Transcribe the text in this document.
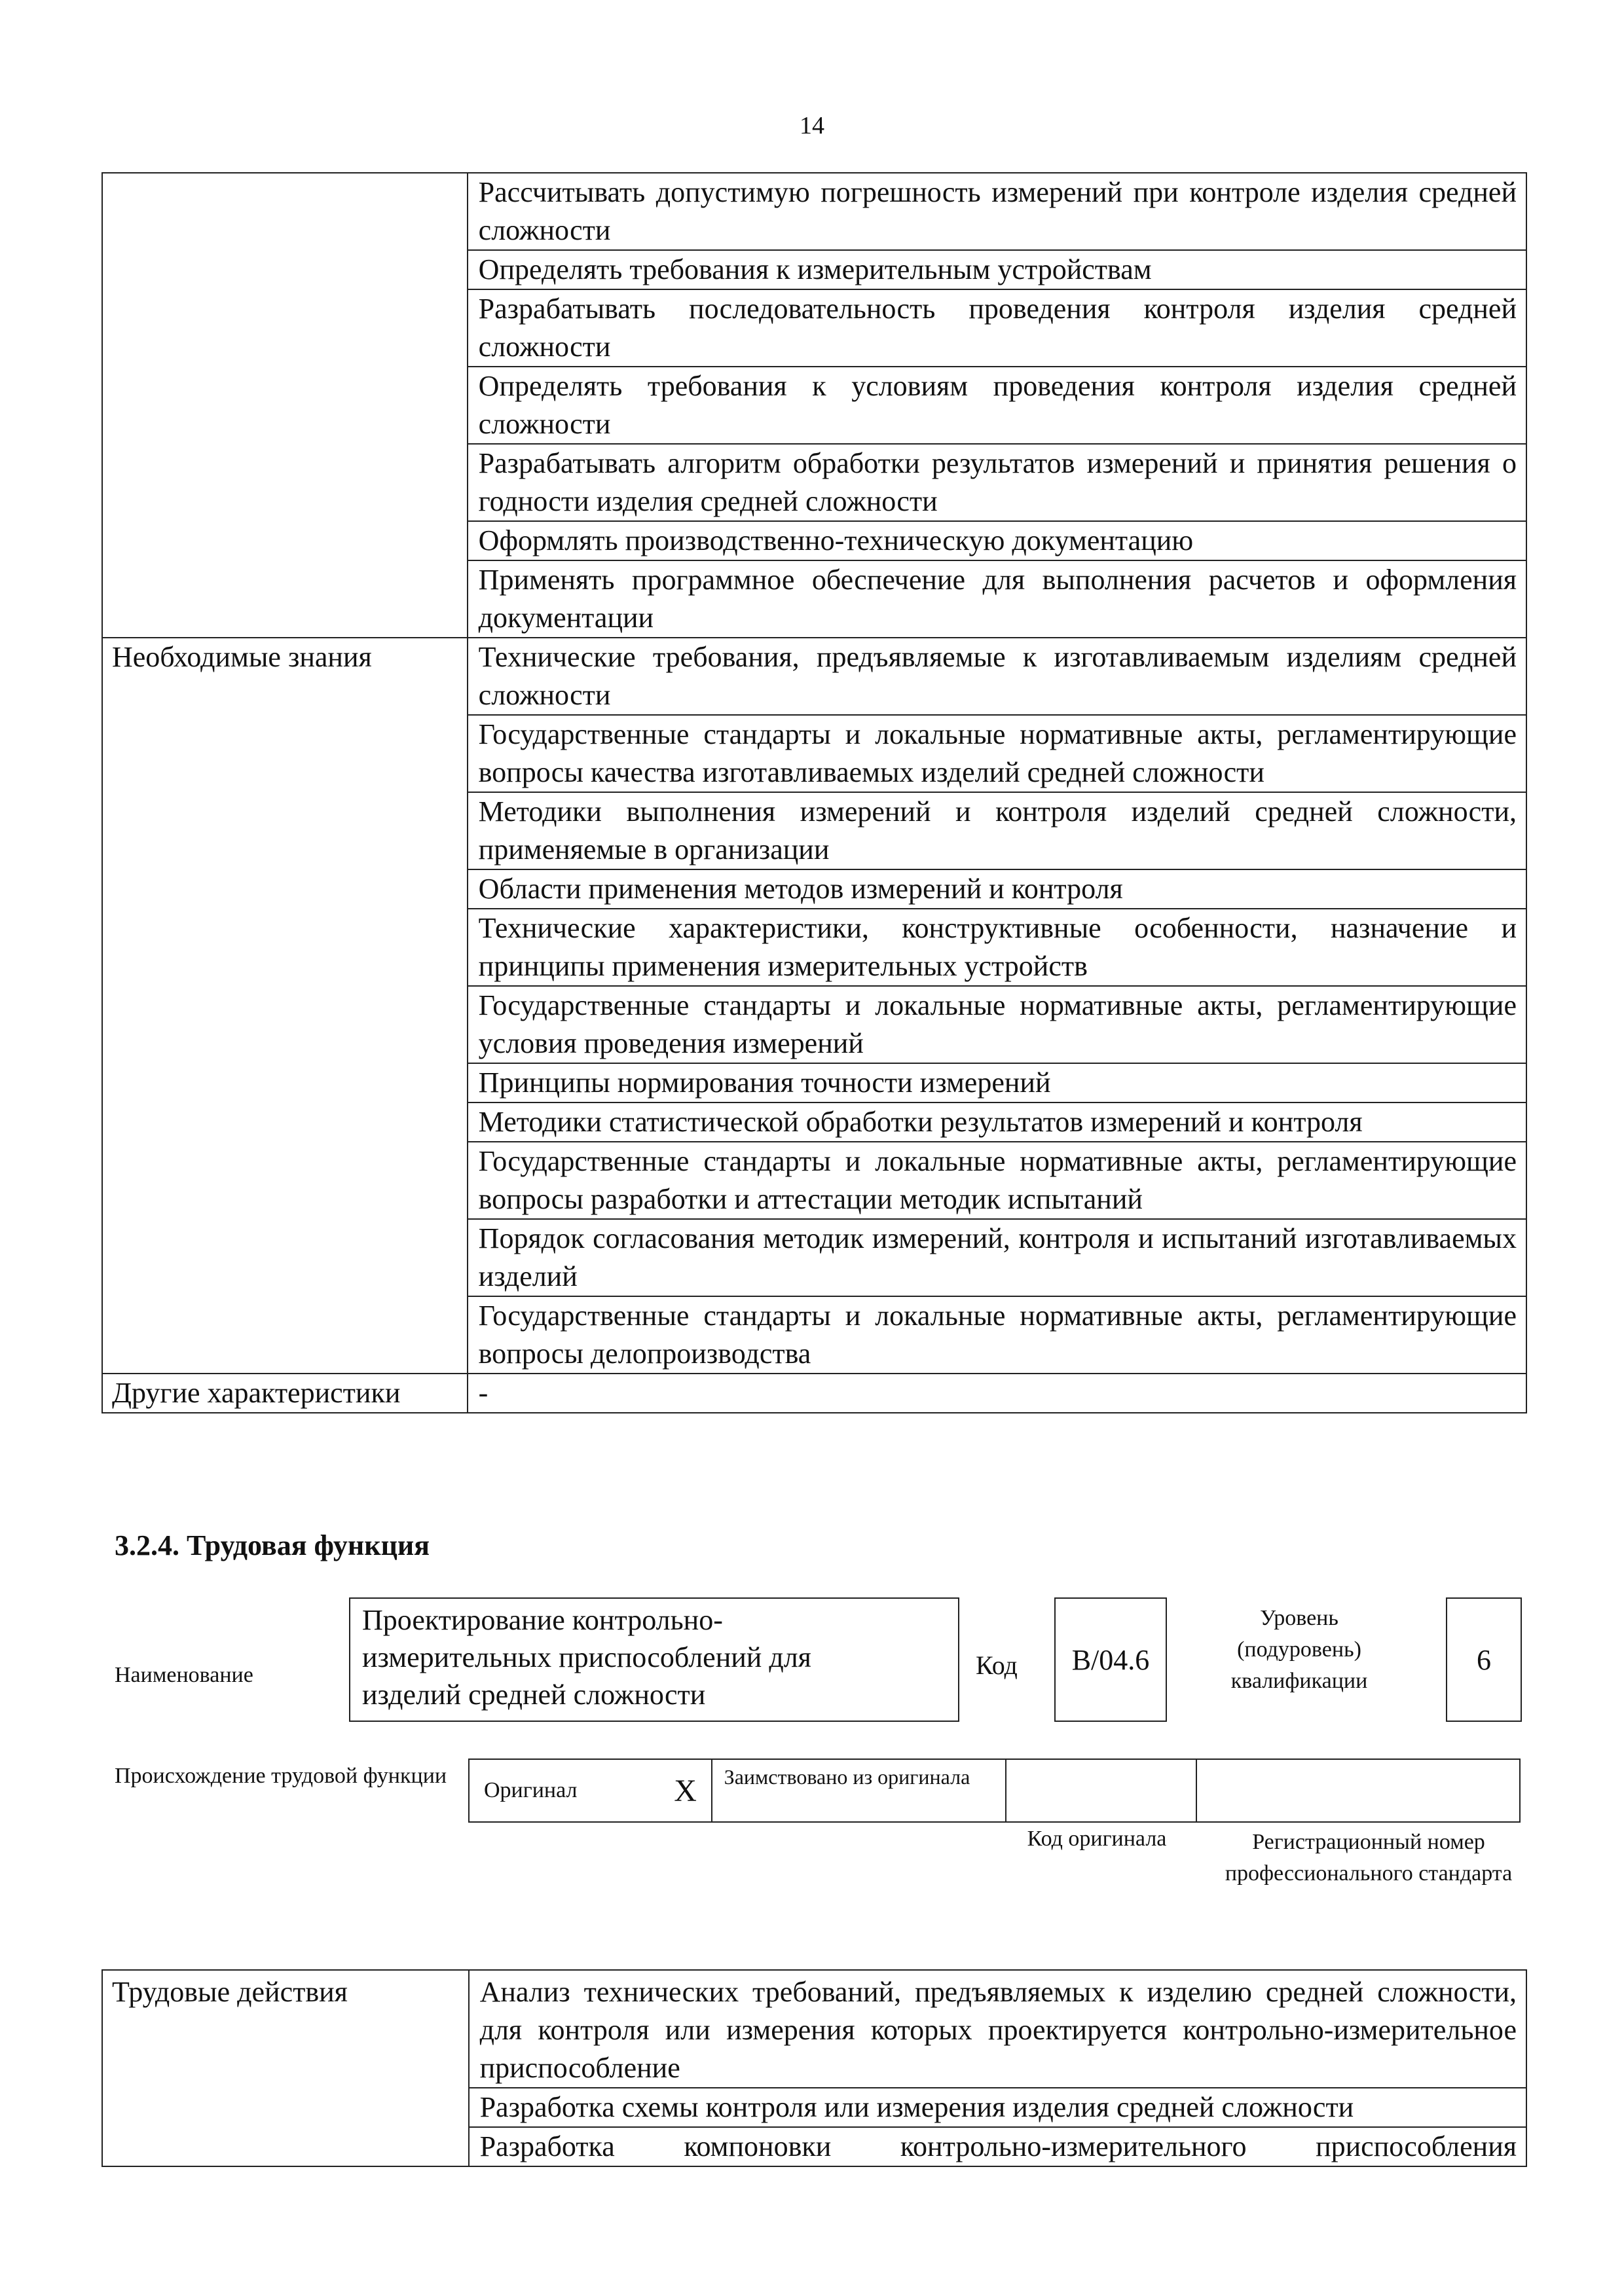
14
	Рассчитывать допустимую погрешность измерений при контроле изделия средней сложности
	Определять требования к измерительным устройствам
	Разрабатывать последовательность проведения контроля изделия средней сложности
	Определять требования к условиям проведения контроля изделия средней сложности
	Разрабатывать алгоритм обработки результатов измерений и принятия решения о годности изделия средней сложности
	Оформлять производственно-техническую документацию
	Применять программное обеспечение для выполнения расчетов и оформления документации
Необходимые знания	Технические требования, предъявляемые к изготавливаемым изделиям средней сложности
	Государственные стандарты и локальные нормативные акты, регламентирующие вопросы качества изготавливаемых изделий средней сложности
	Методики выполнения измерений и контроля изделий средней сложности, применяемые в организации
	Области применения методов измерений и контроля
	Технические характеристики, конструктивные особенности, назначение и принципы применения измерительных устройств
	Государственные стандарты и локальные нормативные акты, регламентирующие условия проведения измерений
	Принципы нормирования точности измерений
	Методики статистической обработки результатов измерений и контроля
	Государственные стандарты и локальные нормативные акты, регламентирующие вопросы разработки и аттестации методик испытаний
	Порядок согласования методик измерений, контроля и испытаний изготавливаемых изделий
	Государственные стандарты и локальные нормативные акты, регламентирующие вопросы делопроизводства
Другие характеристики	-
3.2.4. Трудовая функция
Наименование
Проектирование контрольно-измерительных приспособлений для изделий средней сложности
Код B/04.6
Уровень (подуровень) квалификации
6
Происхождение трудовой функции
Оригинал	X	Заимствовано из оригинала		
Код оригинала	Регистрационный номер профессионального стандарта
Трудовые действия	Анализ технических требований, предъявляемых к изделию средней сложности, для контроля или измерения которых проектируется контрольно-измерительное приспособление
	Разработка схемы контроля или измерения изделия средней сложности
	Разработка компоновки контрольно-измерительного приспособления
